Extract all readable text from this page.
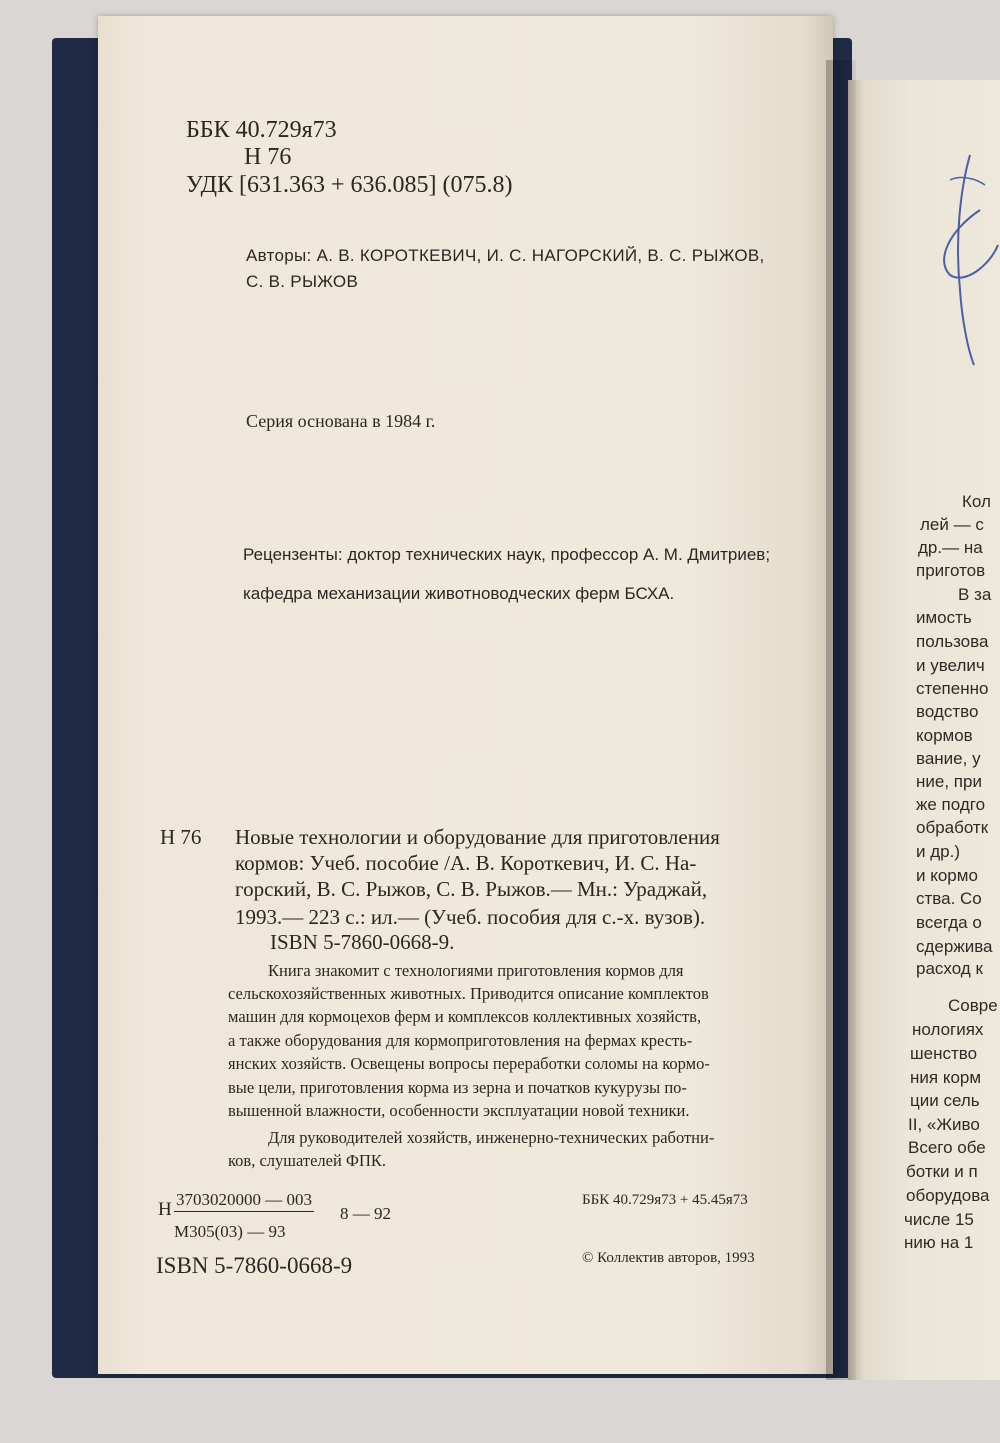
ББК 40.729я73
Н 76
УДК [631.363 + 636.085] (075.8)
Авторы: А. В. КОРОТКЕВИЧ, И. С. НАГОРСКИЙ, В. С. РЫЖОВ,
С. В. РЫЖОВ
Серия основана в 1984 г.
Рецензенты: доктор технических наук, профессор А. М. Дмитриев;
кафедра механизации животноводческих ферм БСХА.
Н 76 Новые технологии и оборудование для приготовления
кормов: Учеб. пособие /А. В. Короткевич, И. С. На-
горский, В. С. Рыжов, С. В. Рыжов.— Мн.: Ураджай,
1993.— 223 с.: ил.— (Учеб. пособия для с.-х. вузов).
ISBN 5-7860-0668-9.
Книга знакомит с технологиями приготовления кормов для
сельскохозяйственных животных. Приводится описание комплектов
машин для кормоцехов ферм и комплексов коллективных хозяйств,
а также оборудования для кормоприготовления на фермах кресть-
янских хозяйств. Освещены вопросы переработки соломы на кормо-
вые цели, приготовления корма из зерна и початков кукурузы по-
вышенной влажности, особенности эксплуатации новой техники.
Для руководителей хозяйств, инженерно-технических работни-
ков, слушателей ФПК.
Н 3703020000 — 003
8 — 92
М305(03) — 93
ББК 40.729я73 + 45.45я73
ISBN 5-7860-0668-9	© Коллектив авторов, 1993
Кол
лей — с
др.— на
приготов
В за
имость
пользова
и увелич
степенно
водство
кормов
вание, у
ние, при
же подго
обработк
и др.)
и кормо
ства. Со
всегда о
сдержива
расход к
Совре
нологиях
шенство
ния корм
ции сель
II, «Живо
Всего обе
ботки и п
оборудова
числе 15
нию на 1
